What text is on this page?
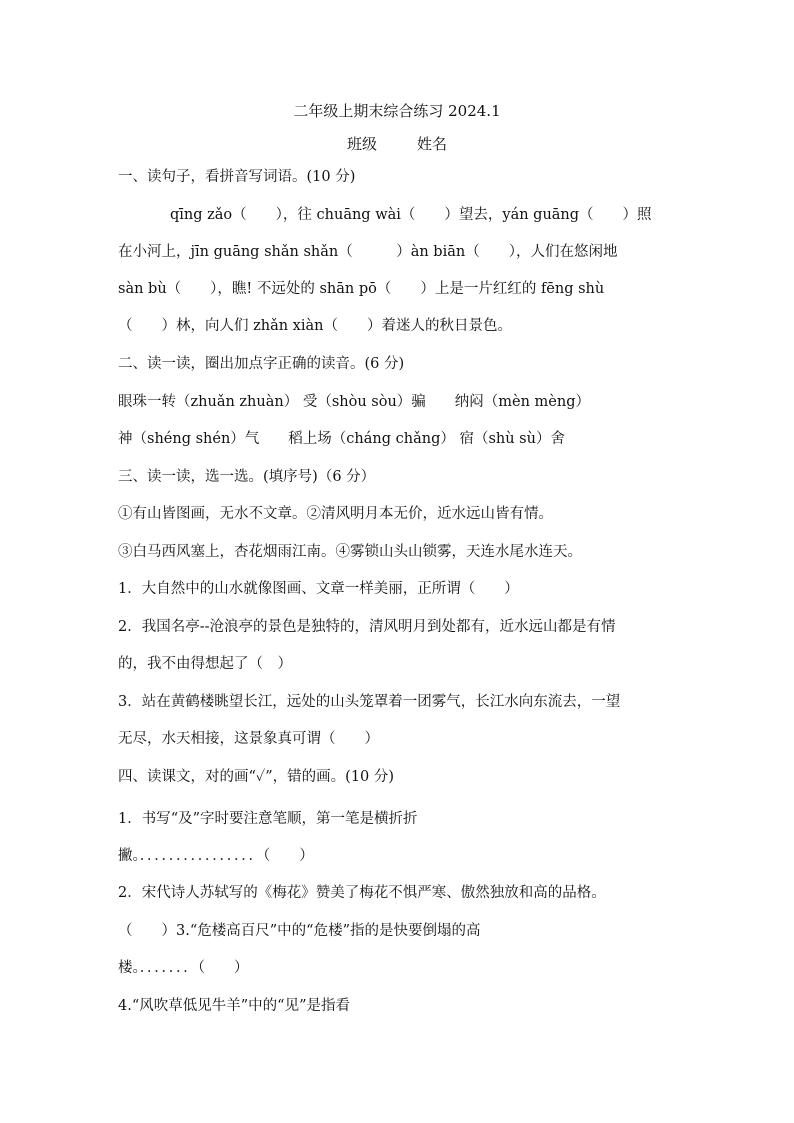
二年级上期末综合练习 2024.1
班级	姓名
一、读句子，看拼音写词语。(10 分)
qīng zǎo（　　），往 chuāng wài（　　）望去，yán guāng（　　）照
在小河上，jīn guāng shǎn shǎn（　　　）àn biān（　　），人们在悠闲地
sàn bù（　　），瞧! 不远处的 shān pō（　　）上是一片红红的 fēng shù
（　　）林，向人们 zhǎn xiàn（　　）着迷人的秋日景色。
二、读一读，圈出加点字正确的读音。(6 分)
眼珠一转（zhuǎn zhuàn） 受（shòu sòu）骗　　纳闷（mèn mèng）
神（shéng shén）气　　稻上场（cháng chǎng） 宿（shù sù）舍
三、读一读，选一选。(填序号)（6 分）
①有山皆图画，无水不文章。②清风明月本无价，近水远山皆有情。
③白马西风塞上，杏花烟雨江南。④雾锁山头山锁雾，天连水尾水连天。
1．大自然中的山水就像图画、文章一样美丽，正所谓（　　）
2．我国名亭--沧浪亭的景色是独特的，清风明月到处都有，近水远山都是有情
的，我不由得想起了（　）
3．站在黄鹤楼眺望长江，远处的山头笼罩着一团雾气，长江水向东流去，一望
无尽，水天相接，这景象真可谓（　　）
四、读课文，对的画“✓”，错的画。(10 分)
1．书写“及”字时要注意笔顺，第一笔是横折折
撇。．．．．．．．．．．．．．．．．（　　）
2．宋代诗人苏轼写的《梅花》赞美了梅花不惧严寒、傲然独放和高的品格。
（　　）3.“危楼高百尺”中的“危楼”指的是快要倒塌的高
楼。．．．．．．．（　　）
4.“风吹草低见牛羊”中的“见”是指看
